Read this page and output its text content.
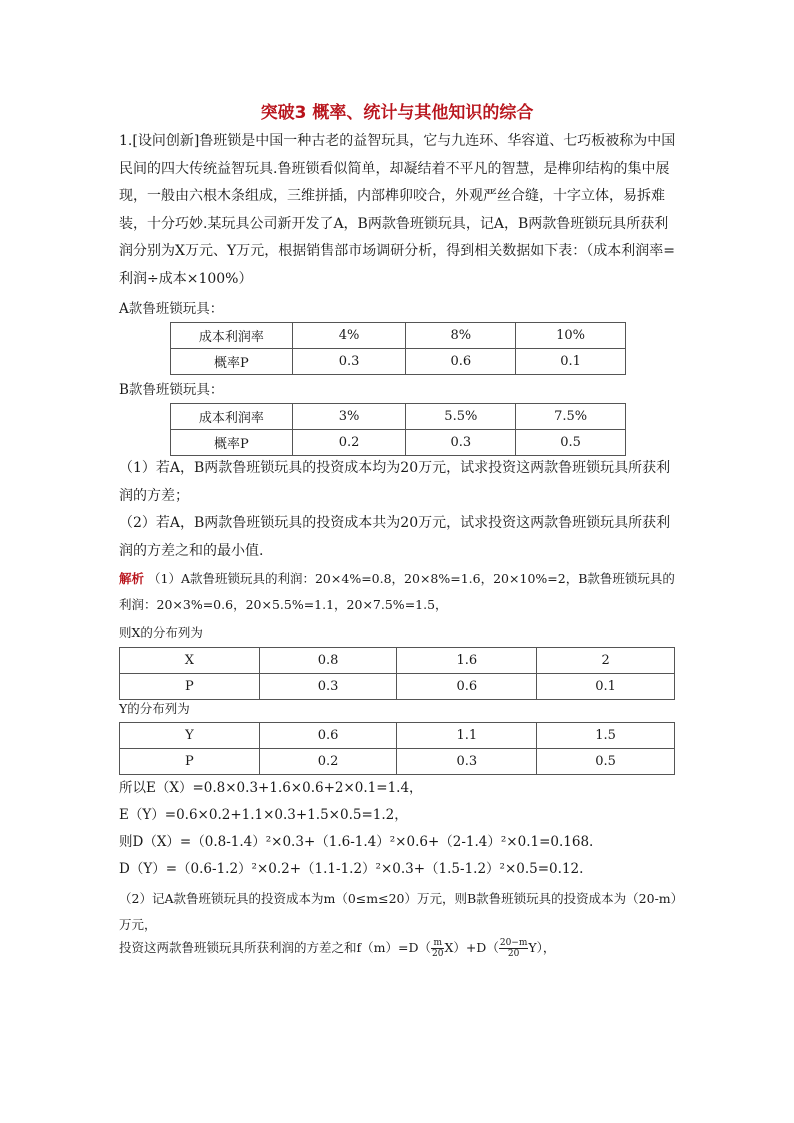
突破3 概率、统计与其他知识的综合
1.[设问创新]鲁班锁是中国一种古老的益智玩具，它与九连环、华容道、七巧板被称为中国民间的四大传统益智玩具.鲁班锁看似简单，却凝结着不平凡的智慧，是榫卯结构的集中展现，一般由六根木条组成，三维拼插，内部榫卯咬合，外观严丝合缝，十字立体，易拆难装，十分巧妙.某玩具公司新开发了A，B两款鲁班锁玩具，记A，B两款鲁班锁玩具所获利润分别为X万元、Y万元，根据销售部市场调研分析，得到相关数据如下表：（成本利润率=利润÷成本×100%）
A款鲁班锁玩具：
成本利润率	4%	8%	10%
概率P	0.3	0.6	0.1
B款鲁班锁玩具：
成本利润率	3%	5.5%	7.5%
概率P	0.2	0.3	0.5
（1）若A，B两款鲁班锁玩具的投资成本均为20万元，试求投资这两款鲁班锁玩具所获利润的方差；
（2）若A，B两款鲁班锁玩具的投资成本共为20万元，试求投资这两款鲁班锁玩具所获利润的方差之和的最小值.
解析 （1）A款鲁班锁玩具的利润：20×4%=0.8，20×8%=1.6，20×10%=2，B款鲁班锁玩具的利润：20×3%=0.6，20×5.5%=1.1，20×7.5%=1.5，
则X的分布列为
X	0.8	1.6	2
P	0.3	0.6	0.1
Y的分布列为
Y	0.6	1.1	1.5
P	0.2	0.3	0.5
所以E（X）=0.8×0.3+1.6×0.6+2×0.1=1.4，
E（Y）=0.6×0.2+1.1×0.3+1.5×0.5=1.2，
则D（X）=（0.8-1.4）²×0.3+（1.6-1.4）²×0.6+（2-1.4）²×0.1=0.168.
D（Y）=（0.6-1.2）²×0.2+（1.1-1.2）²×0.3+（1.5-1.2）²×0.5=0.12.
（2）记A款鲁班锁玩具的投资成本为m（0≤m≤20）万元，则B款鲁班锁玩具的投资成本为（20-m）万元，
投资这两款鲁班锁玩具所获利润的方差之和$f(m)=D( \frac{m}{20} X)+D( \frac{20-m}{20} Y)$，
